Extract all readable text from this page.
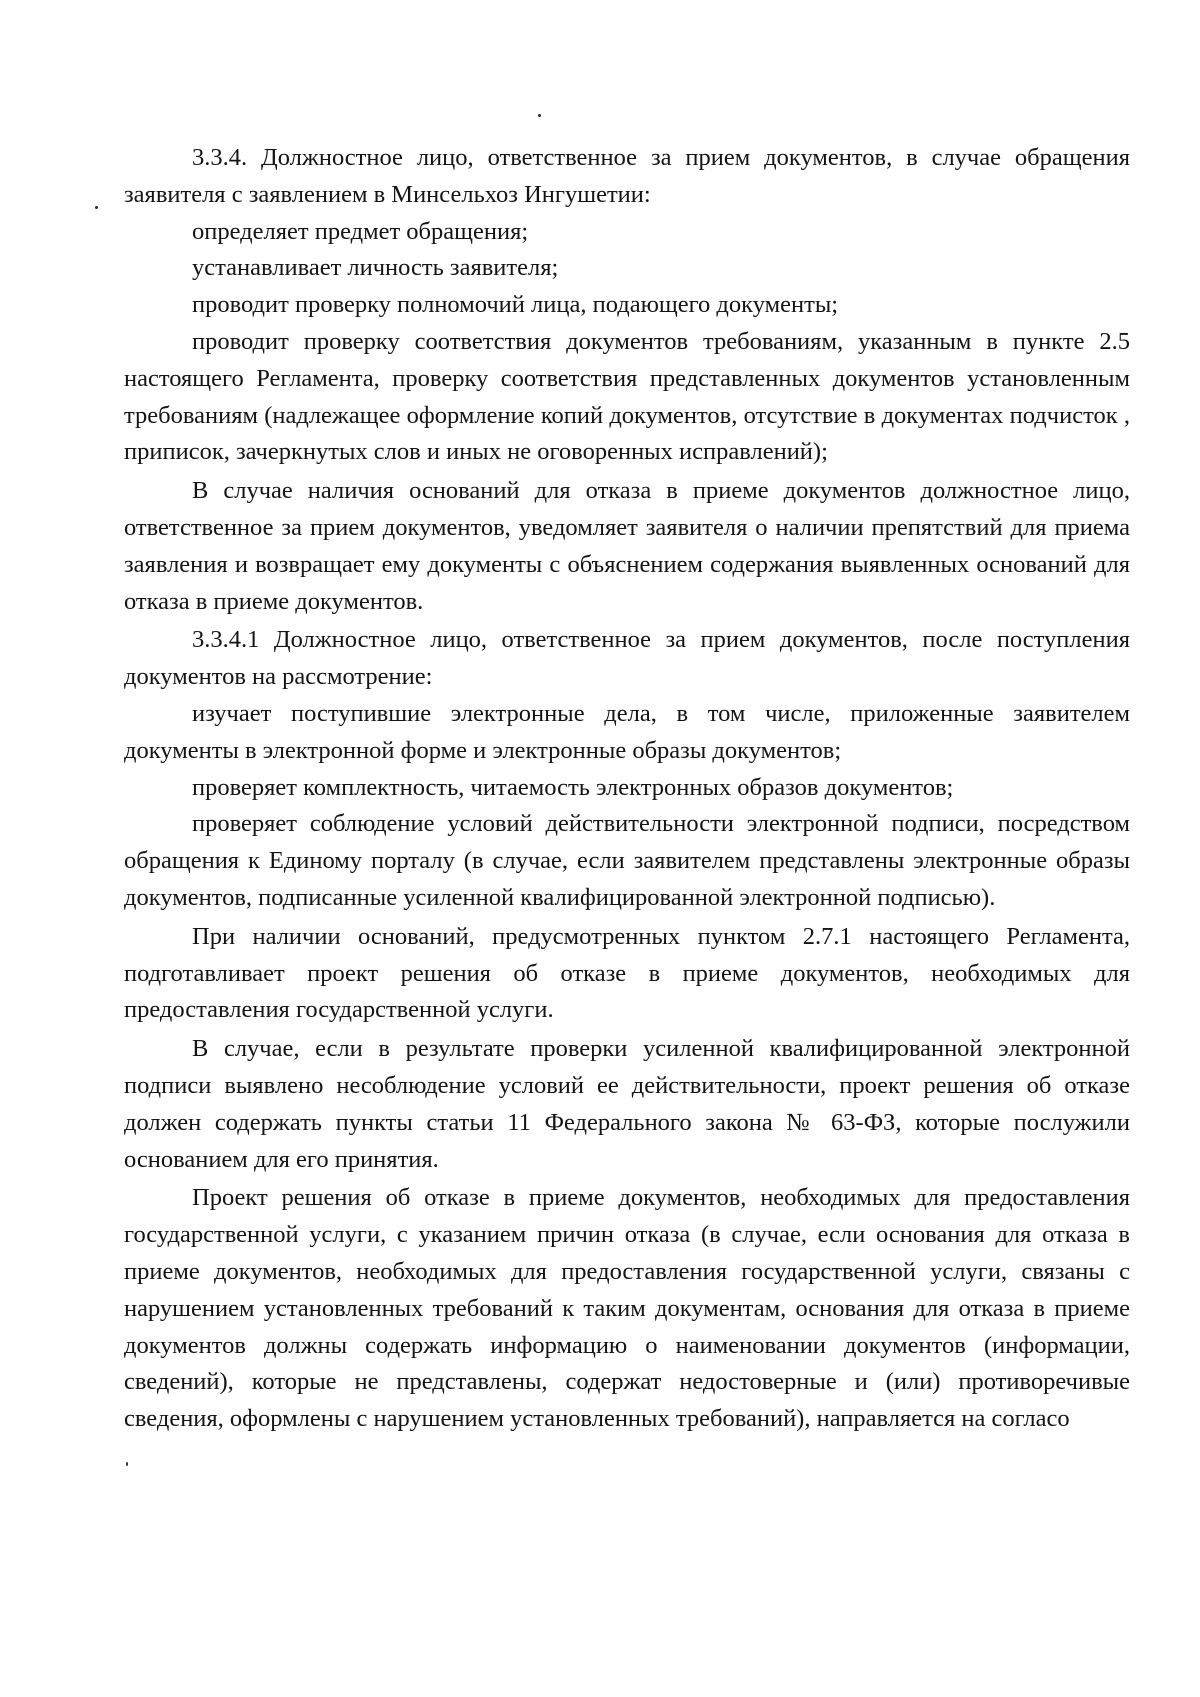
3.3.4. Должностное лицо, ответственное за прием документов, в случае обращения заявителя с заявлением в Минсельхоз Ингушетии:

определяет предмет обращения;

устанавливает личность заявителя;

проводит проверку полномочий лица, подающего документы;

проводит проверку соответствия документов требованиям, указанным в пункте 2.5 настоящего Регламента, проверку соответствия представленных документов установленным требованиям (надлежащее оформление копий документов, отсутствие в документах подчисток , приписок, зачеркнутых слов и иных не оговоренных исправлений);

В случае наличия оснований для отказа в приеме документов должностное лицо, ответственное за прием документов, уведомляет заявителя о наличии препятствий для приема заявления и возвращает ему документы с объяснением содержания выявленных оснований для отказа в приеме документов.

3.3.4.1 Должностное лицо, ответственное за прием документов, после поступления документов на рассмотрение:

изучает поступившие электронные дела, в том числе, приложенные заявителем документы в электронной форме и электронные образы документов;

проверяет комплектность, читаемость электронных образов документов;

проверяет соблюдение условий действительности электронной подписи, посредством обращения к Единому порталу (в случае, если заявителем представлены электронные образы документов, подписанные усиленной квалифицированной электронной подписью).

При наличии оснований, предусмотренных пунктом 2.7.1 настоящего Регламента, подготавливает проект решения об отказе в приеме документов, необходимых для предоставления государственной услуги.

В случае, если в результате проверки усиленной квалифицированной электронной подписи выявлено несоблюдение условий ее действительности, проект решения об отказе должен содержать пункты статьи 11 Федерального закона № 63-ФЗ, которые послужили основанием для его принятия.

Проект решения об отказе в приеме документов, необходимых для предоставления государственной услуги, с указанием причин отказа (в случае, если основания для отказа в приеме документов, необходимых для предоставления государственной услуги, связаны с нарушением установленных требований к таким документам, основания для отказа в приеме документов должны содержать информацию о наименовании документов (информации, сведений), которые не представлены, содержат недостоверные и (или) противоречивые сведения, оформлены с нарушением установленных требований), направляется на согласо
